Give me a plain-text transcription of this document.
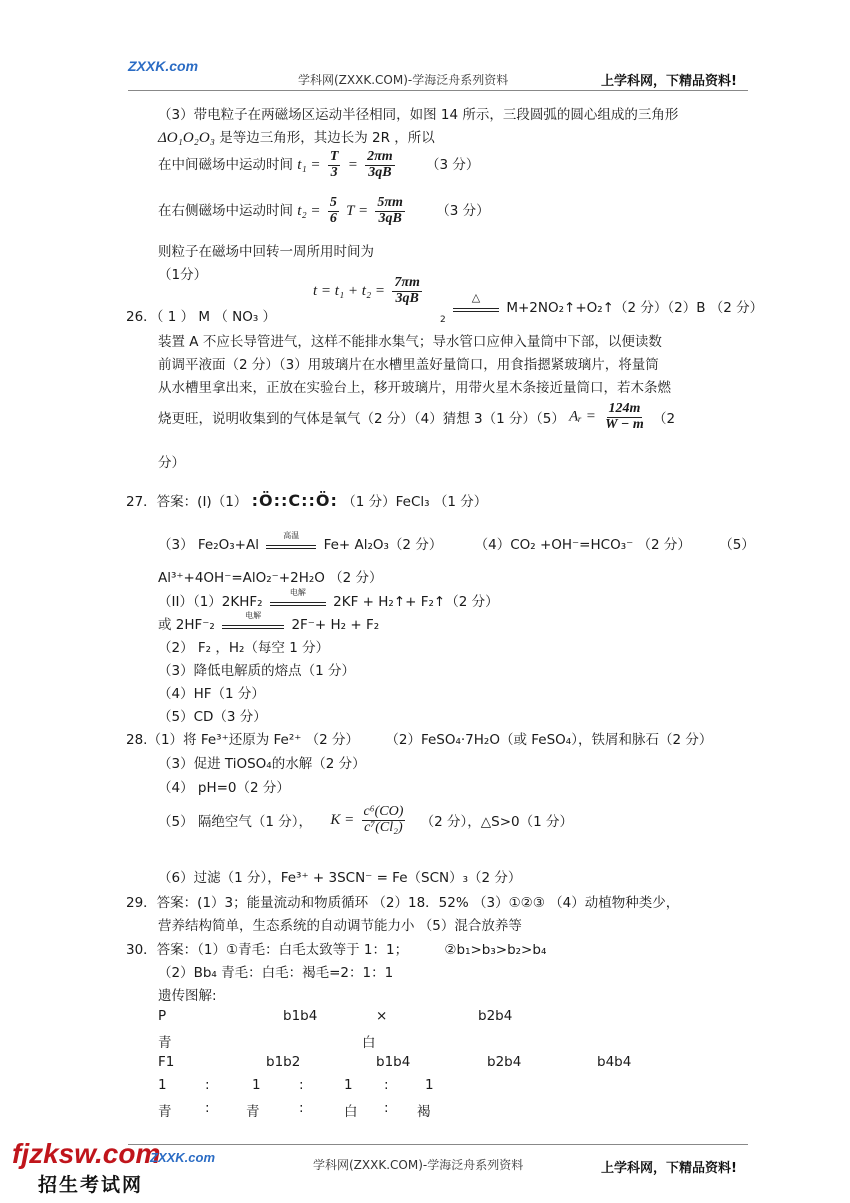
ZXXK.com
学科网(ZXXK.COM)-学海泛舟系列资料	上学科网，下精品资料!
（3）带电粒子在两磁场区运动半径相同，如图 14 所示，三段圆弧的圆心组成的三角形
ΔO₁O₂O₃ 是等边三角形，其边长为 2R ，所以
在中间磁场中运动时间 $t_1 = \frac{T}{3} = \frac{2\pi m}{3qB} (3$ 分）
在右侧磁场中运动时间 $t_2 = \frac{5}{6}$ $T = \frac{5\pi m}{3qB} (3$ 分）
则粒子在磁场中回转一周所用时间为
（1分）
$t = t_1 + t_2 = \frac{7\pi m}{3qB}$
26．（ 1 ） M （ NO₃ ）	$_2$
△
M+2NO₂↑+O₂↑（2 分）（2）B （2 分）
装置 A 不应长导管进气，这样不能排水集气；导水管口应伸入量筒中下部，以便读数
前调平液面（2 分）（3）用玻璃片在水槽里盖好量筒口，用食指摁紧玻璃片，将量筒
从水槽里拿出来，正放在实验台上，移开玻璃片，用带火星木条接近量筒口，若木条燃
烧更旺，说明收集到的气体是氧气（2 分）（4）猜想 3（1 分）（5） Aᵣ = $\frac{124m}{W - m} (2$
分）
27．答案：(I)（1） :Ö::C::Ö: （1 分）FeCl₃ （1 分）
（3） Fe₂O₃+Al
高温
Fe+ Al₂O₃（2 分） （4）CO₂ +OH⁻=HCO₃⁻ （2 分） （5）
Al³⁺+4OH⁻=AlO₂⁻+2H₂O （2 分）
（II）（1）2KHF₂
电解
2KF + H₂↑+ F₂↑（2 分）
或 2HF⁻₂
电解
2F⁻+ H₂ + F₂
（2） F₂ ，H₂（每空 1 分）
（3）降低电解质的熔点（1 分）
（4）HF（1 分）
（5）CD（3 分）
28.（1）将 Fe³⁺还原为 Fe²⁺ （2 分） （2）FeSO₄·7H₂O（或 FeSO₄），铁屑和脉石（2 分）
（3）促进 TiOSO₄的水解（2 分）
（4） pH=0（2 分）
（5） 隔绝空气（1 分）， $K = \frac{\text{c⁶(CO)}}{\text{c⁷(Cl₂)}} (2$ 分），△S>0（1 分）
（6）过滤（1 分），Fe³⁺ + 3SCN⁻ = Fe（SCN）₃（2 分）
29．答案：(1）3；能量流动和物质循环 （2）18．52% （3）①②③ （4）动植物种类少，
营养结构简单，生态系统的自动调节能力小 （5）混合放养等
30．答案：（1）①青毛：白毛太致等于 1：1；	②b₁>b₃>b₂>b₄
（2）Bb₄ 青毛：白毛：褐毛=2：1：1
遗传图解:
P	b1b4	×	b2b4
青	白
F1	b1b2	b1b4	b2b4	b4b4
1	:	1	:	1 :	1
青 :	青	:	白 : 褐
fjzksw.com
ZXXK.com
招生考试网
学科网(ZXXK.COM)-学海泛舟系列资料	上学科网，下精品资料!
